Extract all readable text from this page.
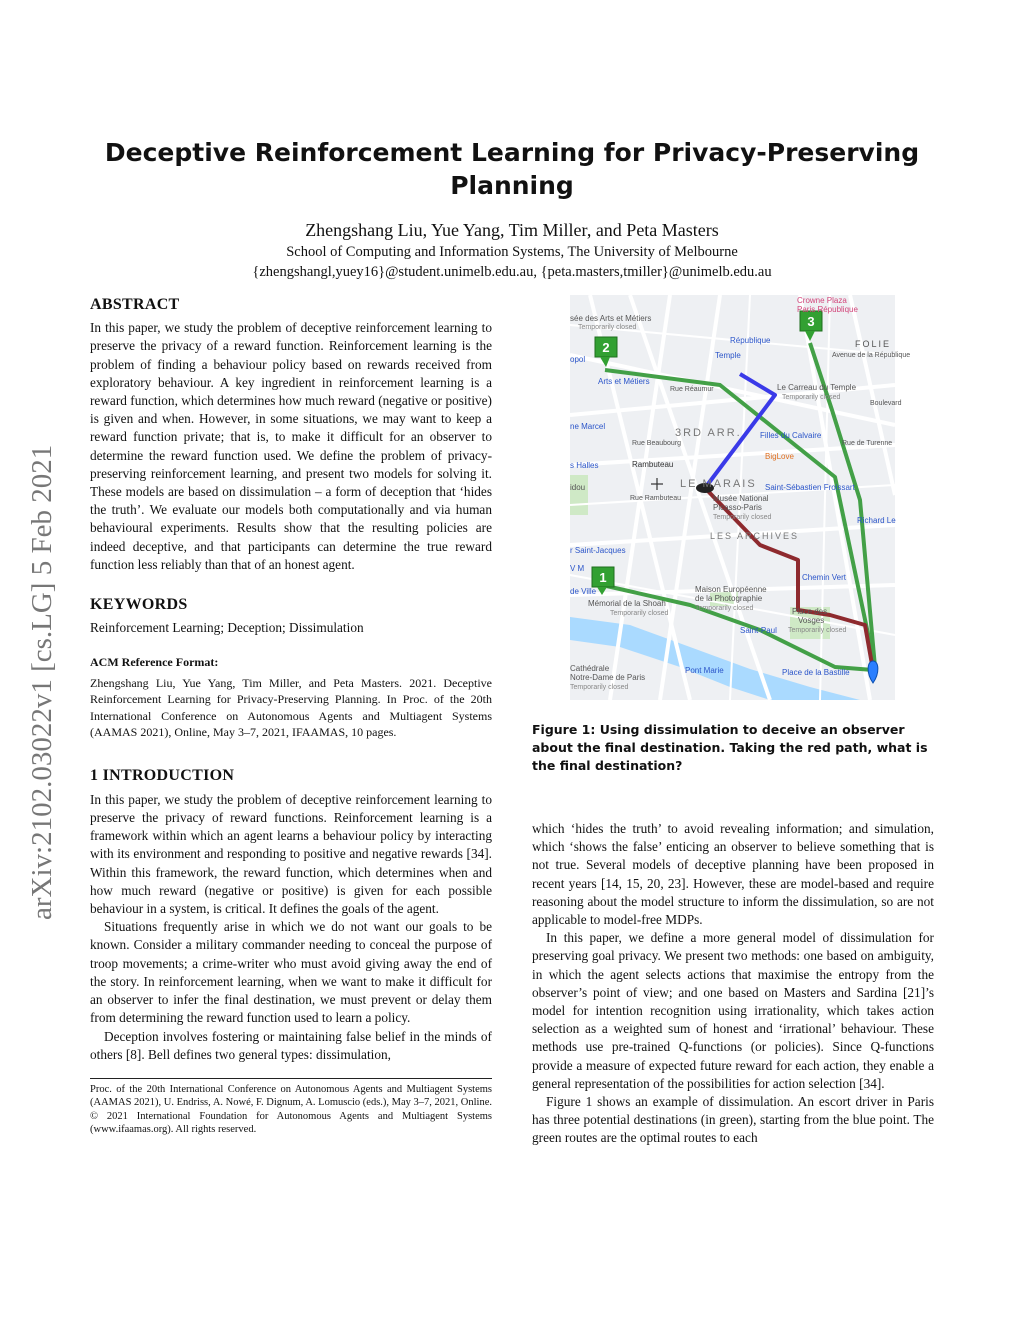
Deceptive Reinforcement Learning for Privacy-Preserving
Planning
Zhengshang Liu, Yue Yang, Tim Miller, and Peta Masters
School of Computing and Information Systems, The University of Melbourne
{zhengshangl,yuey16}@student.unimelb.edu.au, {peta.masters,tmiller}@unimelb.edu.au
arXiv:2102.03022v1 [cs.LG] 5 Feb 2021
ABSTRACT

In this paper, we study the problem of deceptive reinforcement learning to preserve the privacy of a reward function. Reinforcement learning is the problem of finding a behaviour policy based on rewards received from exploratory behaviour. A key ingredient in reinforcement learning is a reward function, which determines how much reward (negative or positive) is given and when. However, in some situations, we may want to keep a reward function private; that is, to make it difficult for an observer to determine the reward function used. We define the problem of privacy-preserving reinforcement learning, and present two models for solving it. These models are based on dissimulation – a form of deception that ‘hides the truth’. We evaluate our models both computationally and via human behavioural experiments. Results show that the resulting policies are indeed deceptive, and that participants can determine the true reward function less reliably than that of an honest agent.

KEYWORDS

Reinforcement Learning; Deception; Dissimulation

ACM Reference Format:

Zhengshang Liu, Yue Yang, Tim Miller, and Peta Masters. 2021. Deceptive Reinforcement Learning for Privacy-Preserving Planning. In Proc. of the 20th International Conference on Autonomous Agents and Multiagent Systems (AAMAS 2021), Online, May 3–7, 2021, IFAAMAS, 10 pages.

1 INTRODUCTION

In this paper, we study the problem of deceptive reinforcement learning to preserve the privacy of reward functions. Reinforcement learning is a framework within which an agent learns a behaviour policy by interacting with its environment and responding to positive and negative rewards [34]. Within this framework, the reward function, which determines when and how much reward (negative or positive) is given for each possible behaviour in a system, is critical. It defines the goals of the agent.

Situations frequently arise in which we do not want our goals to be known. Consider a military commander needing to conceal the purpose of troop movements; a crime-writer who must avoid giving away the end of the story. In reinforcement learning, when we want to make it difficult for an observer to infer the final destination, we must prevent or delay them from determining the reward function used to learn a policy.

Deception involves fostering or maintaining false belief in the minds of others [8]. Bell defines two general types: dissimulation,

Proc. of the 20th International Conference on Autonomous Agents and Multiagent Systems (AAMAS 2021), U. Endriss, A. Nowé, F. Dignum, A. Lomuscio (eds.), May 3–7, 2021, Online. © 2021 International Foundation for Autonomous Agents and Multiagent Systems (www.ifaamas.org). All rights reserved.

2
3
1
sée des Arts et Métiers
Temporarily closed
Crowne Plaza
Paris République
République	FOLIE
Avenue de la République
Temple
opol
Arts et Métiers
Rue Réaumur	Le Carreau du Temple
Temporarily closed
Boulevard
ne Marcel
Rue Beaubourg
3RD ARR. Filles du Calvaire
Rue de Turenne
s Halles	Rambuteau
BigLove
Saint-Sébastien Froissart
idou
Rue Rambuteau
LE MARAIS
Musée National
Picasso-Paris
Temporarily closed	Richard Le
LES ARCHIVES
r Saint-Jacques
Chemin Vert
V M
de Ville
Mémorial de la Shoah
Temporarily closed
Maison Européenne
de la Photographie
Temporarily closed	Place des
Vosges
Temporarily closed
Saint-Paul
Pont Marie
Cathédrale
Notre-Dame de Paris
Temporarily closed
Place de la Bastille
Figure 1: Using dissimulation to deceive an observer about the final destination. Taking the red path, what is the final destination?

which ‘hides the truth’ to avoid revealing information; and simulation, which ‘shows the false’ enticing an observer to believe something that is not true. Several models of deceptive planning have been proposed in recent years [14, 15, 20, 23]. However, these are model-based and require reasoning about the model structure to inform the dissimulation, so are not applicable to model-free MDPs.

In this paper, we define a more general model of dissimulation for preserving goal privacy. We present two methods: one based on ambiguity, in which the agent selects actions that maximise the entropy from the observer’s point of view; and one based on Masters and Sardina [21]’s model for intention recognition using irrationality, which takes action selection as a weighted sum of honest and ‘irrational’ behaviour. These methods use pre-trained Q-functions (or policies). Since Q-functions provide a measure of expected future reward for each action, they enable a general representation of the possibilities for action selection [34].

Figure 1 shows an example of dissimulation. An escort driver in Paris has three potential destinations (in green), starting from the blue point. The green routes are the optimal routes to each
